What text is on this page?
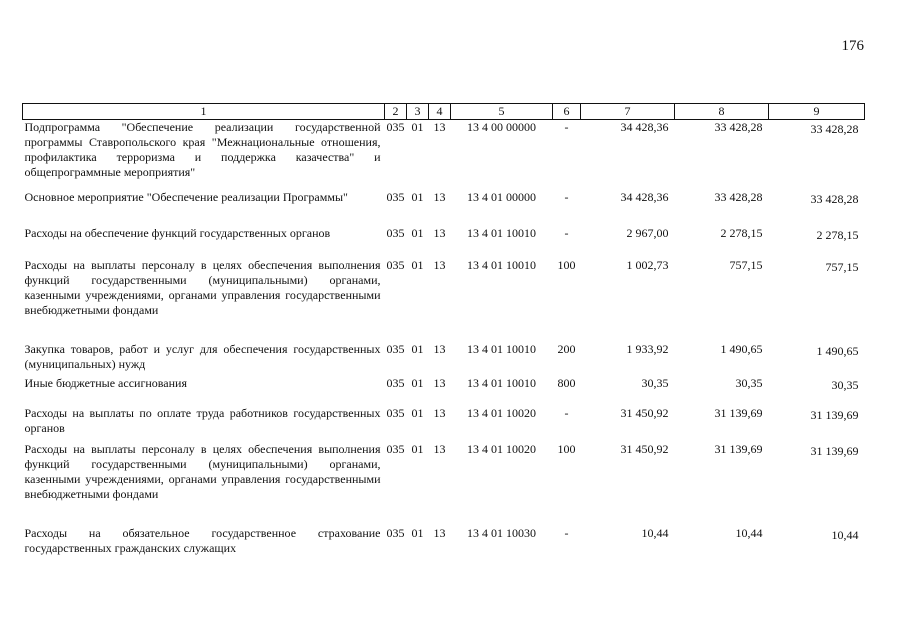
176
1	2	3	4	5	6	7	8	9
Подпрограмма "Обеспечение реализации государственной программы Ставропольского края "Межнациональные отношения, профилактика терроризма и поддержка казачества" и общепрограммные мероприятия"	035	01	13	13 4 00 00000	-	34 428,36	33 428,28	33 428,28
Основное мероприятие "Обеспечение реализации Программы"	035	01	13	13 4 01 00000	-	34 428,36	33 428,28	33 428,28
Расходы на обеспечение функций государственных органов	035	01	13	13 4 01 10010	-	2 967,00	2 278,15	2 278,15
Расходы на выплаты персоналу в целях обеспечения выполнения функций государственными (муниципальными) органами, казенными учреждениями, органами управления государственными внебюджетными фондами	035	01	13	13 4 01 10010	100	1 002,73	757,15	757,15
Закупка товаров, работ и услуг для обеспечения государственных (муниципальных) нужд	035	01	13	13 4 01 10010	200	1 933,92	1 490,65	1 490,65
Иные бюджетные ассигнования	035	01	13	13 4 01 10010	800	30,35	30,35	30,35
Расходы на выплаты по оплате труда работников государственных органов	035	01	13	13 4 01 10020	-	31 450,92	31 139,69	31 139,69
Расходы на выплаты персоналу в целях обеспечения выполнения функций государственными (муниципальными) органами, казенными учреждениями, органами управления государственными внебюджетными фондами	035	01	13	13 4 01 10020	100	31 450,92	31 139,69	31 139,69
Расходы на обязательное государственное страхование государственных гражданских служащих	035	01	13	13 4 01 10030	-	10,44	10,44	10,44
